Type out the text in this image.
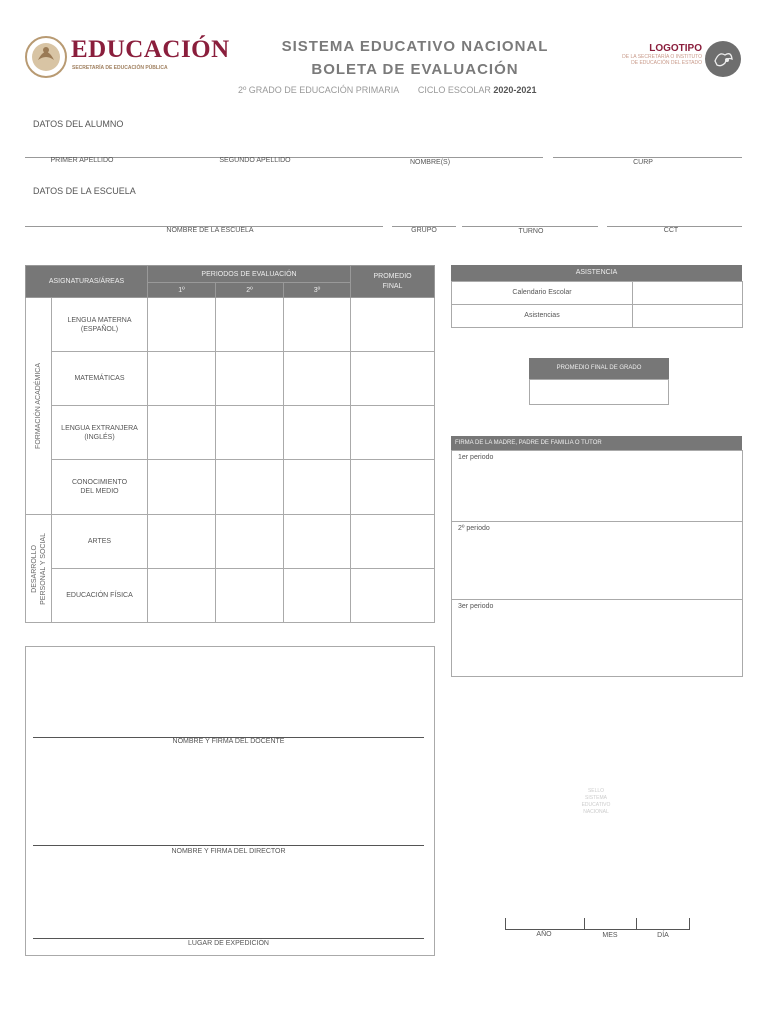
EDUCACIÓN
SECRETARÍA DE EDUCACIÓN PÚBLICA
SISTEMA EDUCATIVO NACIONAL
BOLETA DE EVALUACIÓN
2º GRADO DE EDUCACIÓN PRIMARIA CICLO ESCOLAR 2020-2021
LOGOTIPO
DE LA SECRETARÍA O INSTITUTO
DE EDUCACIÓN DEL ESTADO
DATOS DEL ALUMNO
PRIMER APELLIDO	SEGUNDO APELLIDO	NOMBRE(S)	CURP
DATOS DE LA ESCUELA
NOMBRE DE LA ESCUELA	GRUPO	TURNO	CCT
ASIGNATURAS/ÁREAS		PERIODOS DE EVALUACIÓN			PROMEDIO FINAL
		1º	2º	3º	

FORMACIÓN ACADÉMICA	LENGUA MATERNA (ESPAÑOL)				
	MATEMÁTICAS				
	LENGUA EXTRANJERA (INGLÉS)				
	CONOCIMIENTO DEL MEDIO				

DESARROLLO PERSONAL Y SOCIAL	ARTES				
	EDUCACIÓN FÍSICA				
ASISTENCIA
Calendario Escolar
Asistencias
PROMEDIO FINAL DE GRADO
FIRMA DE LA MADRE, PADRE DE FAMILIA O TUTOR
1er periodo
2º periodo
3er periodo
NOMBRE Y FIRMA DEL DOCENTE
NOMBRE Y FIRMA DEL DIRECTOR
LUGAR DE EXPEDICIÓN
SELLO
SISTEMA
EDUCATIVO
NACIONAL
AÑO	MES	DÍA
